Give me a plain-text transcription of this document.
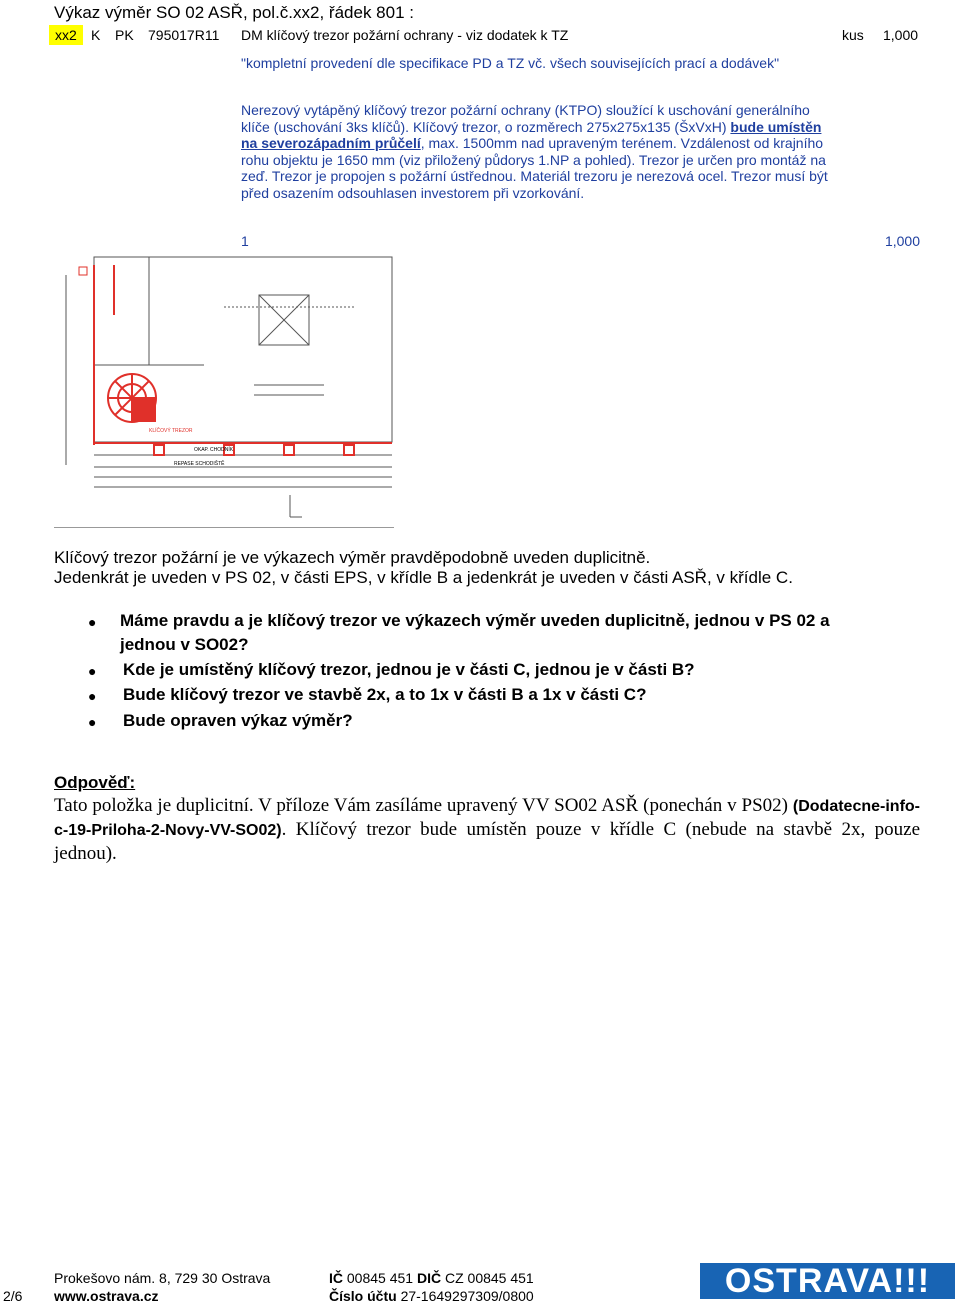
Výkaz výměr SO 02 ASŘ, pol.č.xx2, řádek 801 :
xx2	K PK 795017R11 DM klíčový trezor požární ochrany - viz dodatek k TZ	kus 1,000
"kompletní provedení dle specifikace PD a TZ vč. všech souvisejících prací a dodávek"
Nerezový vytápěný klíčový trezor požární ochrany (KTPO) sloužící k uschování generálního klíče (uschování 3ks klíčů). Klíčový trezor, o rozměrech 275x275x135 (ŠxVxH) bude umístěn na severozápadním průčelí, max. 1500mm nad upraveným terénem. Vzdálenost od krajního rohu objektu je 1650 mm (viz přiložený půdorys 1.NP a pohled). Trezor je určen pro montáž na zeď. Trezor je propojen s požární ústřednou. Materiál trezoru je nerezová ocel. Trezor musí být před osazením odsouhlasen investorem při vzorkování.
1	1,000
KLÍČOVÝ TREZOR
OKAP. CHODNÍK
REPASE SCHODIŠTĚ
Klíčový trezor požární je ve výkazech výměr pravděpodobně uveden duplicitně.
Jedenkrát je uveden v PS 02, v části EPS, v křídle B a jedenkrát je uveden v části ASŘ, v křídle C.
● Máme pravdu a je klíčový trezor ve výkazech výměr uveden duplicitně, jednou v PS 02 a
jednou v SO02?
● Kde je umístěný klíčový trezor, jednou je v části C, jednou je v části B?
● Bude klíčový trezor ve stavbě 2x, a to 1x v části B a 1x v části C?
● Bude opraven výkaz výměr?
Odpověď:
Tato položka je duplicitní. V příloze Vám zasíláme upravený VV SO02 ASŘ (ponechán v PS02) (Dodatecne-info-c-19-Priloha-2-Novy-VV-SO02). Klíčový trezor bude umístěn pouze v křídle C (nebude na stavbě 2x, pouze jednou).
2/6
Prokešovo nám. 8, 729 30 Ostrava
www.ostrava.cz
IČ 00845 451 DIČ CZ 00845 451
Číslo účtu 27-1649297309/0800	OSTRAVA!!!
